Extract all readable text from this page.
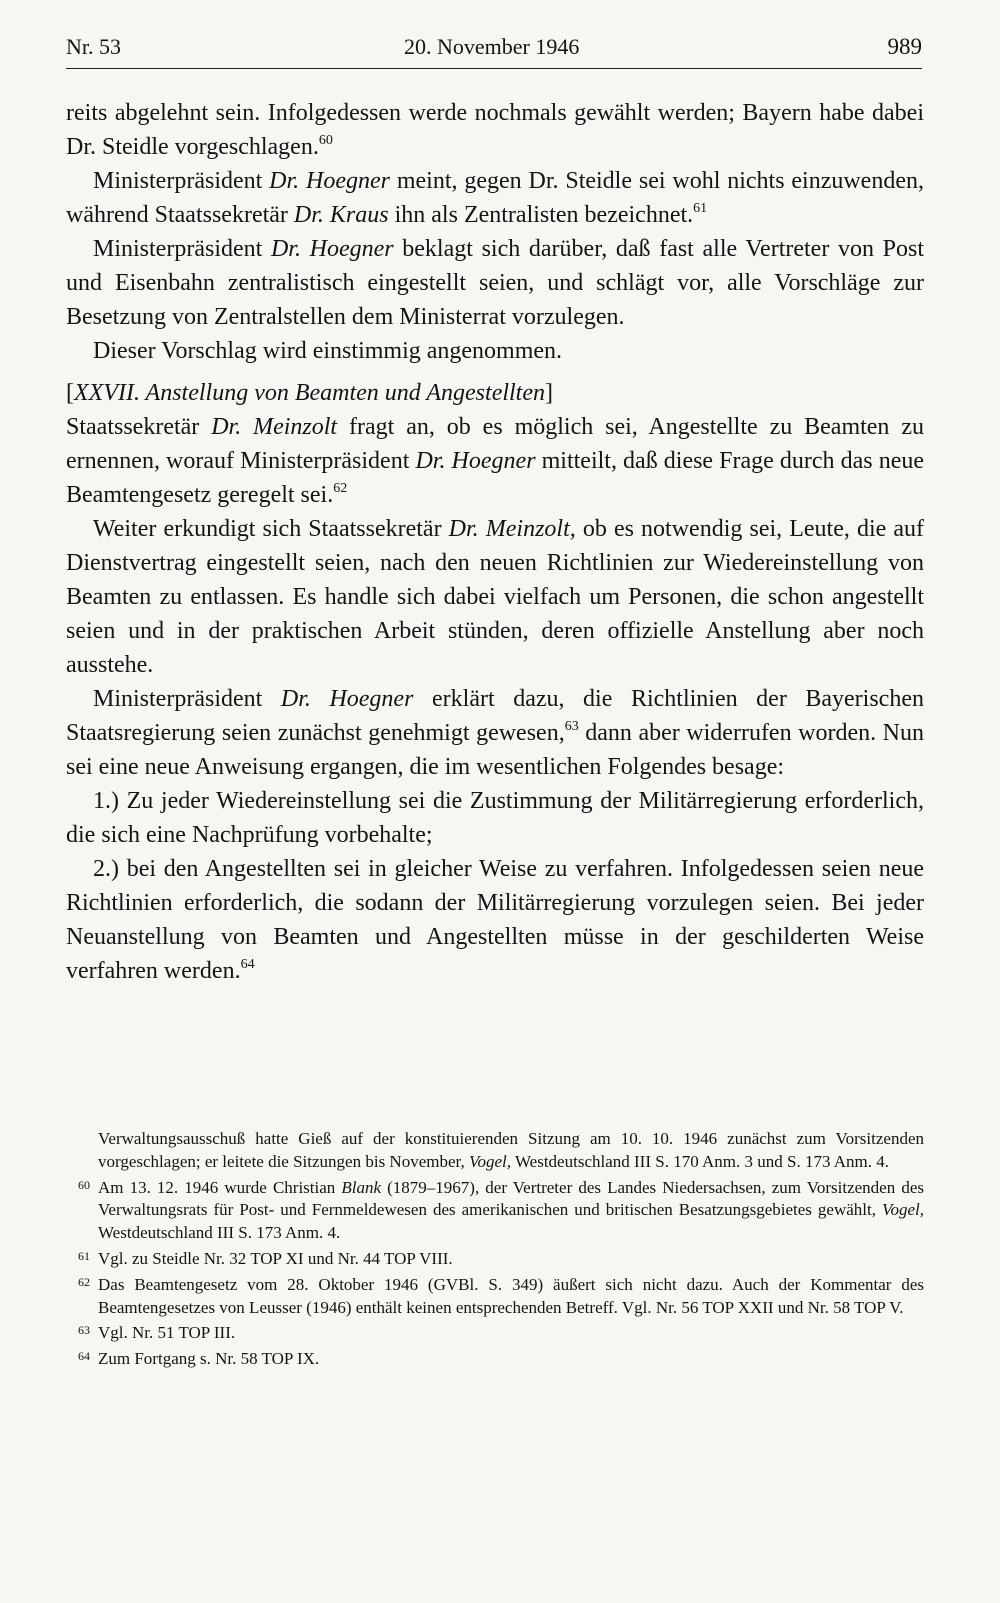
Nr. 53	20. November 1946	989

reits abgelehnt sein. Infolgedessen werde nochmals gewählt werden; Bayern habe dabei Dr. Steidle vorgeschlagen.$^{60}$

Ministerpräsident Dr. Hoegner meint, gegen Dr. Steidle sei wohl nichts einzuwenden, während Staatssekretär Dr. Kraus ihn als Zentralisten bezeichnet.$^{61}$

Ministerpräsident Dr. Hoegner beklagt sich darüber, daß fast alle Vertreter von Post und Eisenbahn zentralistisch eingestellt seien, und schlägt vor, alle Vorschläge zur Besetzung von Zentralstellen dem Ministerrat vorzulegen.

Dieser Vorschlag wird einstimmig angenommen.

[XXVII. Anstellung von Beamten und Angestellten]

Staatssekretär Dr. Meinzolt fragt an, ob es möglich sei, Angestellte zu Beamten zu ernennen, worauf Ministerpräsident Dr. Hoegner mitteilt, daß diese Frage durch das neue Beamtengesetz geregelt sei.$^{62}$

Weiter erkundigt sich Staatssekretär Dr. Meinzolt, ob es notwendig sei, Leute, die auf Dienstvertrag eingestellt seien, nach den neuen Richtlinien zur Wiedereinstellung von Beamten zu entlassen. Es handle sich dabei vielfach um Personen, die schon angestellt seien und in der praktischen Arbeit stünden, deren offizielle Anstellung aber noch ausstehe.

Ministerpräsident Dr. Hoegner erklärt dazu, die Richtlinien der Bayerischen Staatsregierung seien zunächst genehmigt gewesen,$^{63}$ dann aber widerrufen worden. Nun sei eine neue Anweisung ergangen, die im wesentlichen Folgendes besage:

1.) Zu jeder Wiedereinstellung sei die Zustimmung der Militärregierung erforderlich, die sich eine Nachprüfung vorbehalte;

2.) bei den Angestellten sei in gleicher Weise zu verfahren. Infolgedessen seien neue Richtlinien erforderlich, die sodann der Militärregierung vorzulegen seien. Bei jeder Neuanstellung von Beamten und Angestellten müsse in der geschilderten Weise verfahren werden.$^{64}$

Verwaltungsausschuß hatte Gieß auf der konstituierenden Sitzung am 10. 10. 1946 zunächst zum Vorsitzenden vorgeschlagen; er leitete die Sitzungen bis November, Vogel, Westdeutschland III S. 170 Anm. 3 und S. 173 Anm. 4.
60 Am 13. 12. 1946 wurde Christian Blank (1879–1967), der Vertreter des Landes Niedersachsen, zum Vorsitzenden des Verwaltungsrats für Post- und Fernmeldewesen des amerikanischen und britischen Besatzungsgebietes gewählt, Vogel, Westdeutschland III S. 173 Anm. 4.
61 Vgl. zu Steidle Nr. 32 TOP XI und Nr. 44 TOP VIII.
62 Das Beamtengesetz vom 28. Oktober 1946 (GVBl. S. 349) äußert sich nicht dazu. Auch der Kommentar des Beamtengesetzes von Leusser (1946) enthält keinen entsprechenden Betreff. Vgl. Nr. 56 TOP XXII und Nr. 58 TOP V.
63 Vgl. Nr. 51 TOP III.
64 Zum Fortgang s. Nr. 58 TOP IX.
